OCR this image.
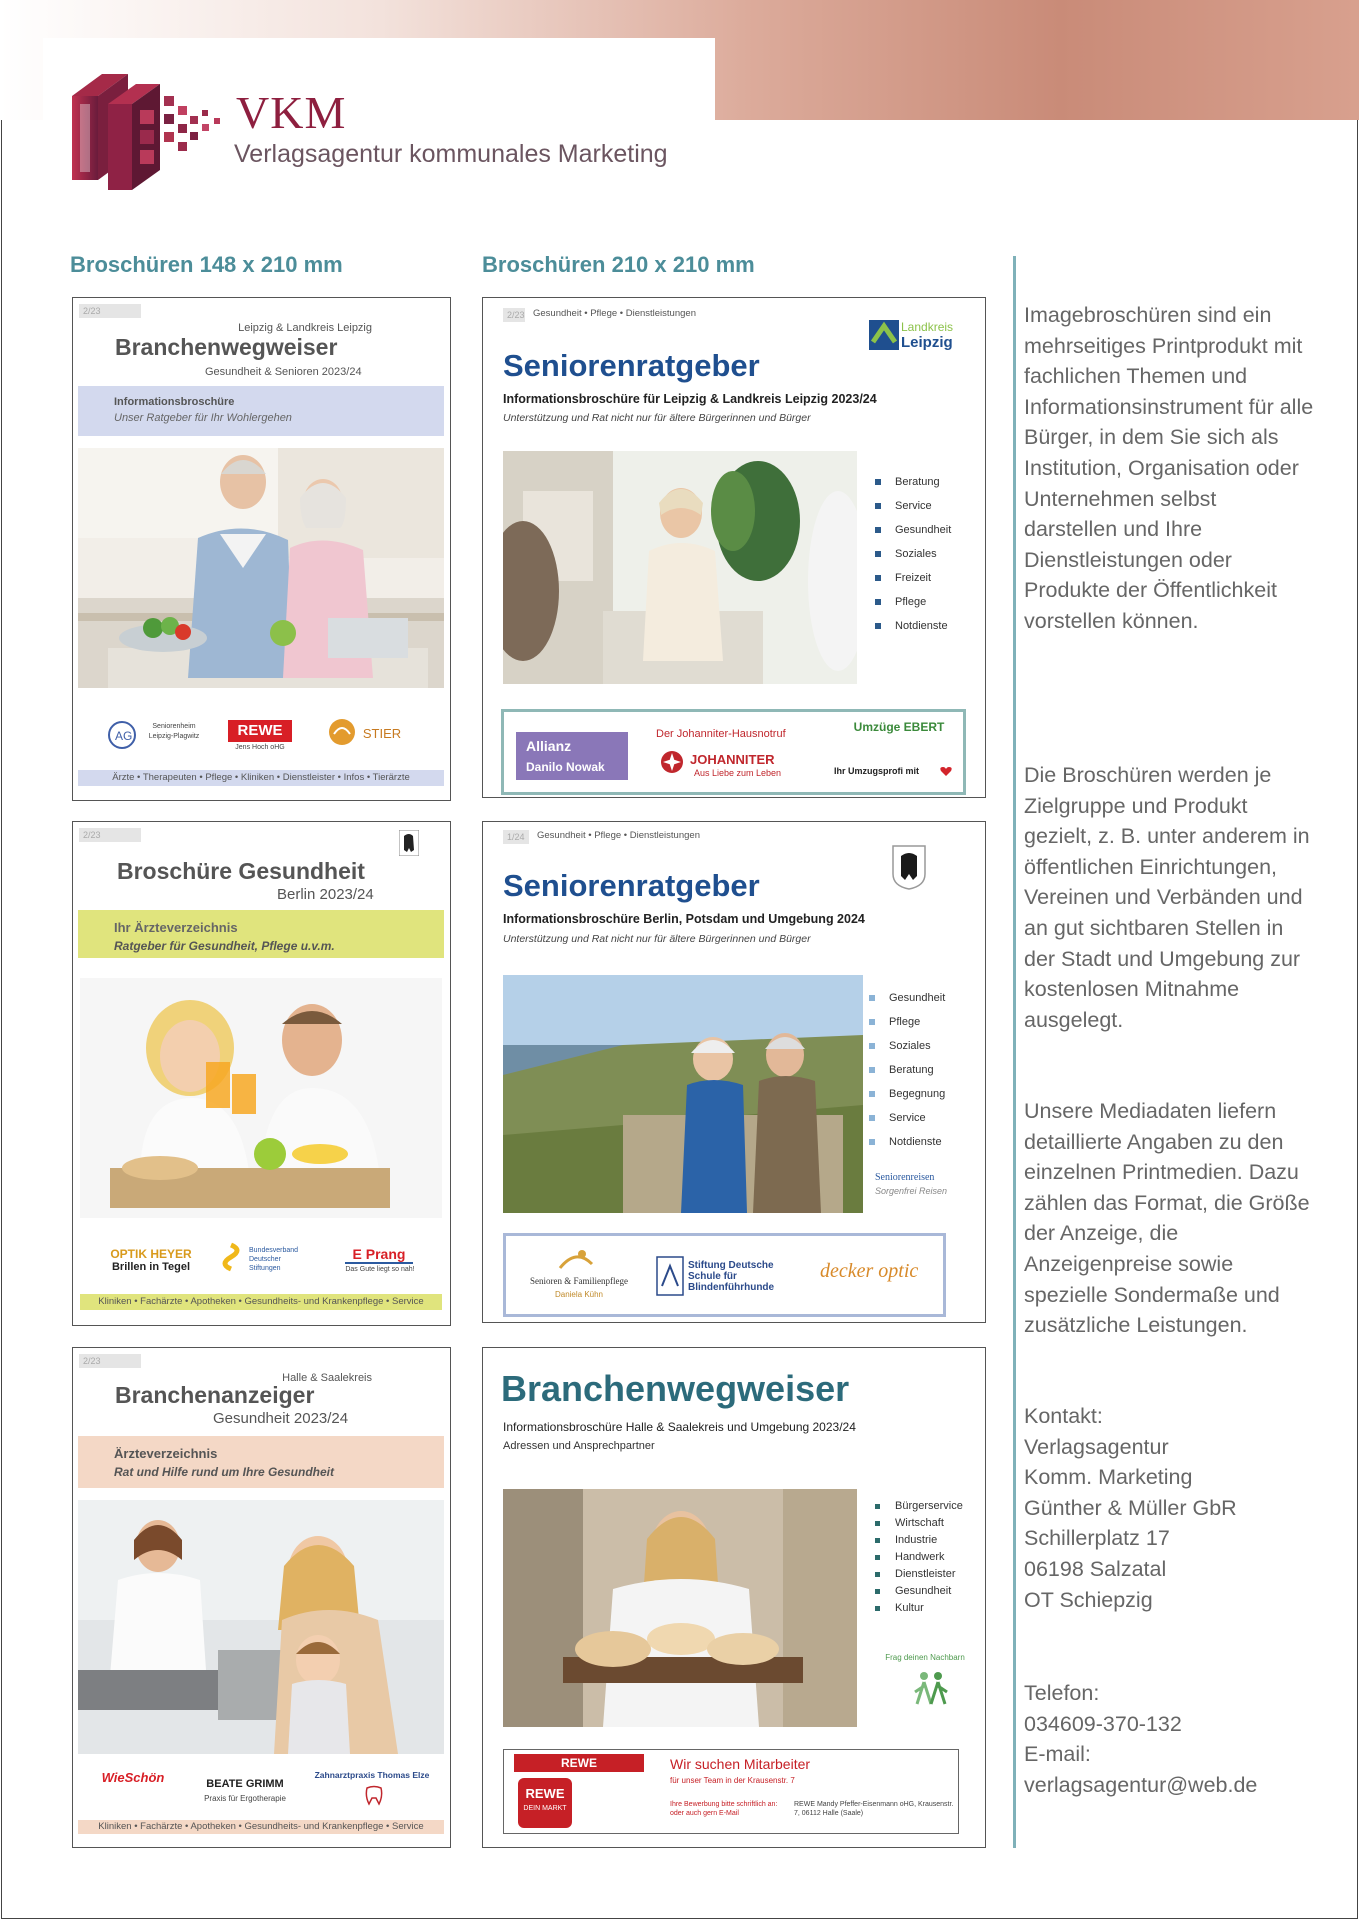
VKM
Verlagsagentur kommunales Marketing
Broschüren 148 x 210 mm	Broschüren 210 x 210 mm
2/23
Leipzig & Landkreis Leipzig
Branchenwegweiser
Gesundheit & Senioren 2023/24
Informationsbroschüre
Unser Ratgeber für Ihr Wohlergehen
AG
Seniorenheim Leipzig-Plagwitz	REWE
Jens Hoch oHG
STIER
Ärzte • Therapeuten • Pflege • Kliniken • Dienstleister • Infos • Tierärzte
2/23 Gesundheit • Pflege • Dienstleistungen
Landkreis
Leipzig
Seniorenratgeber
Informationsbroschüre für Leipzig & Landkreis Leipzig 2023/24
Unterstützung und Rat nicht nur für ältere Bürgerinnen und Bürger
Beratung
Service
Gesundheit
Soziales
Freizeit
Pflege
Notdienste
Allianz
Danilo Nowak
Der Johanniter-Hausnotruf
JOHANNITER
Aus Liebe zum Leben
Umzüge EBERT
Ihr Umzugsprofi mit
2/23
Broschüre Gesundheit
Berlin 2023/24
Ihr Ärzteverzeichnis
Ratgeber für Gesundheit, Pflege u.v.m.
OPTIK HEYER
Brillen in Tegel
Bundesverband Deutscher Stiftungen
E Prang
Das Gute liegt so nah!
Kliniken • Fachärzte • Apotheken • Gesundheits- und Krankenpflege • Service
1/24	Gesundheit • Pflege • Dienstleistungen
Seniorenratgeber
Informationsbroschüre Berlin, Potsdam und Umgebung 2024
Unterstützung und Rat nicht nur für ältere Bürgerinnen und Bürger
Gesundheit
Pflege
Soziales
Beratung
Begegnung
Service
Notdienste
Seniorenreisen
Sorgenfrei Reisen
Senioren & Familienpflege
Daniela Kühn
Stiftung Deutsche Schule für Blindenführhunde
decker optic
2/23
Halle & Saalekreis
Branchenanzeiger
Gesundheit 2023/24
Ärzteverzeichnis
Rat und Hilfe rund um Ihre Gesundheit
WieSchön	BEATE GRIMM
Praxis für Ergotherapie
Zahnarztpraxis Thomas Elze
Kliniken • Fachärzte • Apotheken • Gesundheits- und Krankenpflege • Service
Branchenwegweiser
Informationsbroschüre Halle & Saalekreis und Umgebung 2023/24
Adressen und Ansprechpartner
Bürgerservice
Wirtschaft
Industrie
Handwerk
Dienstleister
Gesundheit
Kultur
Frag deinen Nachbarn
REWE
REWE
DEIN MARKT
Wir suchen Mitarbeiter
für unser Team in der Krausenstr. 7
Ihre Bewerbung bitte schriftlich an: oder auch gern E-Mail
REWE Mandy Pfeffer-Eisenmann oHG, Krausenstr. 7, 06112 Halle (Saale)

Imagebroschüren sind ein mehrseitiges Printprodukt mit fachlichen Themen und Informationsinstrument für alle Bürger, in dem Sie sich als Institution, Organisation oder Unternehmen selbst darstellen und Ihre Dienstleistungen oder Produkte der Öffentlichkeit vorstellen können.

Die Broschüren werden je Zielgruppe und Produkt gezielt, z. B. unter anderem in öffentlichen Einrichtungen, Vereinen und Verbänden und an gut sichtbaren Stellen in der Stadt und Umgebung zur kostenlosen Mitnahme ausgelegt.

Unsere Mediadaten liefern detaillierte Angaben zu den einzelnen Printmedien. Dazu zählen das Format, die Größe der Anzeige, die Anzeigenpreise sowie spezielle Sondermaße und zusätzliche Leistungen.

Kontakt:

Verlagsagentur

Komm. Marketing

Günther & Müller GbR

Schillerplatz 17

06198 Salzatal

OT Schiepzig

Telefon:

034609-370-132

E-mail:

verlagsagentur@web.de
